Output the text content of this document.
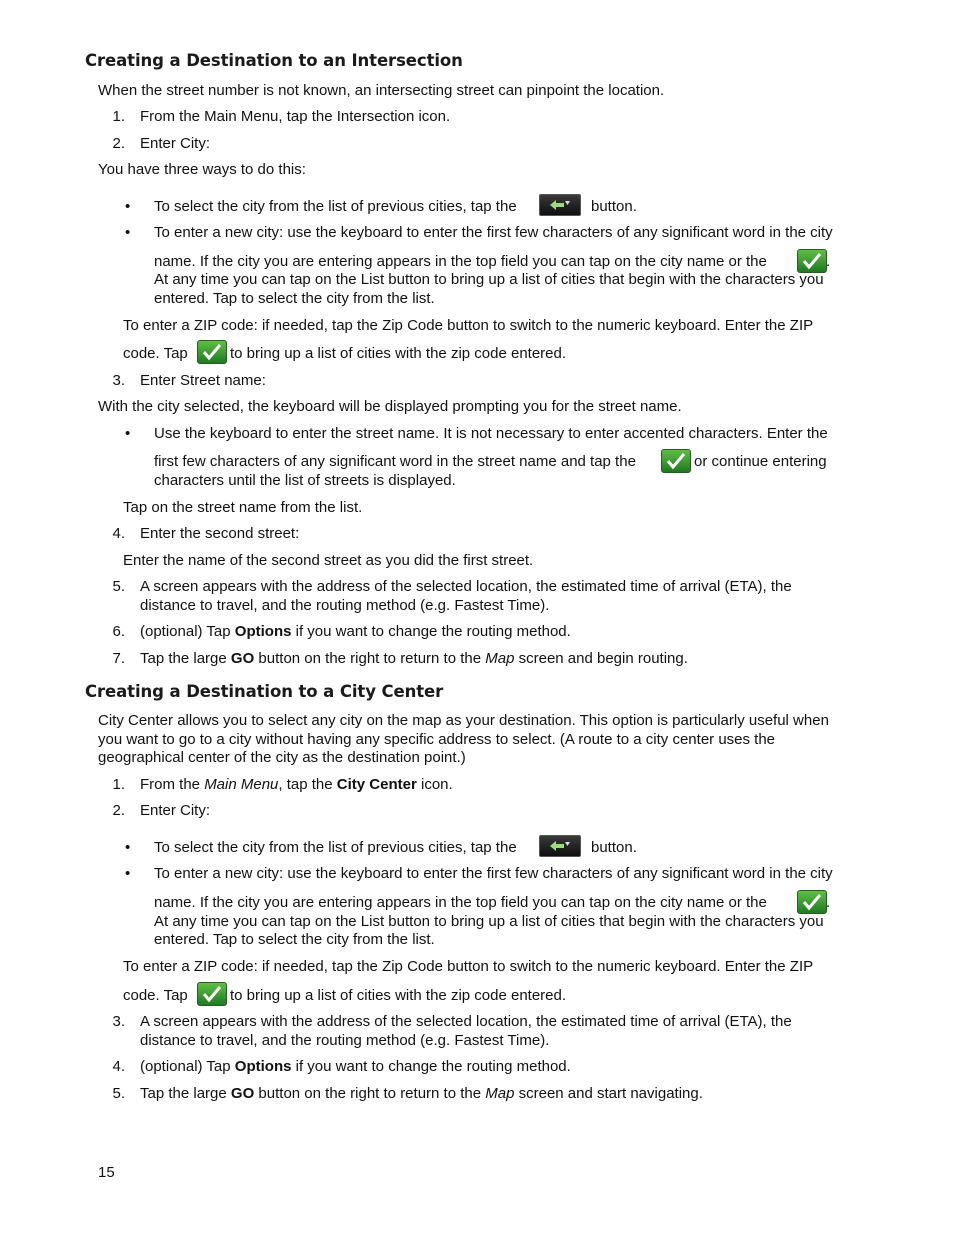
Creating a Destination to an Intersection
When the street number is not known, an intersecting street can pinpoint the location.
1. From the Main Menu, tap the Intersection icon.
2. Enter City:
You have three ways to do this:
• To select the city from the list of previous cities, tap the	button.
• To enter a new city: use the keyboard to enter the first few characters of any significant word in the city
name. If the city you are entering appears in the top field you can tap on the city name or the	.
At any time you can tap on the List button to bring up a list of cities that begin with the characters you
entered. Tap to select the city from the list.
To enter a ZIP code: if needed, tap the Zip Code button to switch to the numeric keyboard. Enter the ZIP
code. Tap	to bring up a list of cities with the zip code entered.
3. Enter Street name:
With the city selected, the keyboard will be displayed prompting you for the street name.
• Use the keyboard to enter the street name. It is not necessary to enter accented characters. Enter the
first few characters of any significant word in the street name and tap the	or continue entering
characters until the list of streets is displayed.
Tap on the street name from the list.
4. Enter the second street:
Enter the name of the second street as you did the first street.
5. A screen appears with the address of the selected location, the estimated time of arrival (ETA), the
distance to travel, and the routing method (e.g. Fastest Time).
6. (optional) Tap Options if you want to change the routing method.
7. Tap the large GO button on the right to return to the Map screen and begin routing.
Creating a Destination to a City Center
City Center allows you to select any city on the map as your destination. This option is particularly useful when
you want to go to a city without having any specific address to select. (A route to a city center uses the
geographical center of the city as the destination point.)
1. From the Main Menu, tap the City Center icon.
2. Enter City:
• To select the city from the list of previous cities, tap the	button.
• To enter a new city: use the keyboard to enter the first few characters of any significant word in the city
name. If the city you are entering appears in the top field you can tap on the city name or the	.
At any time you can tap on the List button to bring up a list of cities that begin with the characters you
entered. Tap to select the city from the list.
To enter a ZIP code: if needed, tap the Zip Code button to switch to the numeric keyboard. Enter the ZIP
code. Tap	to bring up a list of cities with the zip code entered.
3. A screen appears with the address of the selected location, the estimated time of arrival (ETA), the
distance to travel, and the routing method (e.g. Fastest Time).
4. (optional) Tap Options if you want to change the routing method.
5. Tap the large GO button on the right to return to the Map screen and start navigating.
15
